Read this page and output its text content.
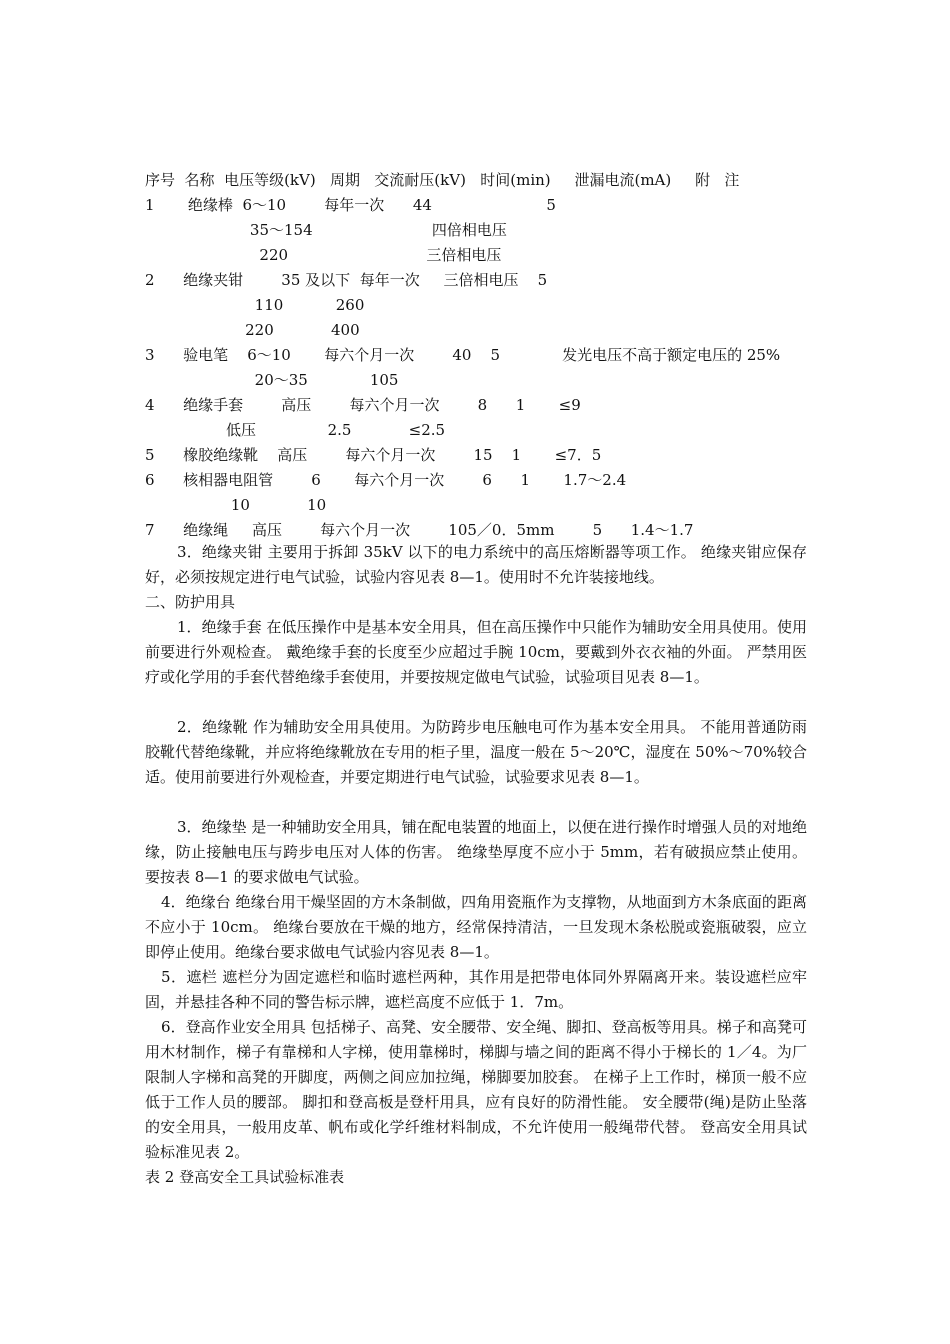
序号  名称  电压等级(kV)   周期   交流耐压(kV)   时间(min)     泄漏电流(mA)     附   注
1       绝缘棒  6～10        每年一次      44                        5
35～154                         四倍相电压
220                             三倍相电压
2      绝缘夹钳        35 及以下  每年一次     三倍相电压    5
110           260
220            400
3      验电笔    6～10       每六个月一次        40    5             发光电压不高于额定电压的 25%
20～35             105
4      绝缘手套        高压        每六个月一次        8      1       ≤9
低压               2.5            ≤2.5
5      橡胶绝缘靴    高压        每六个月一次        15    1       ≤7．5
6      核相器电阻管        6       每六个月一次        6      1       1.7～2.4
10            10
7      绝缘绳     高压        每六个月一次        105／0．5mm        5      1.4～1.7
3．绝缘夹钳 主要用于拆卸 35kV 以下的电力系统中的高压熔断器等项工作。 绝缘夹钳应保存好，必须按规定进行电气试验，试验内容见表 8—1。使用时不允许装接地线。
二、防护用具
1．绝缘手套 在低压操作中是基本安全用具，但在高压操作中只能作为辅助安全用具使用。使用前要进行外观检查。 戴绝缘手套的长度至少应超过手腕 10cm，要戴到外衣衣袖的外面。 严禁用医疗或化学用的手套代替绝缘手套使用，并要按规定做电气试验，试验项目见表 8—1。
2．绝缘靴 作为辅助安全用具使用。为防跨步电压触电可作为基本安全用具。 不能用普通防雨胶靴代替绝缘靴，并应将绝缘靴放在专用的柜子里，温度一般在 5～20℃，湿度在 50%～70%较合适。使用前要进行外观检查，并要定期进行电气试验，试验要求见表 8—1。
3．绝缘垫 是一种辅助安全用具，铺在配电装置的地面上，以便在进行操作时增强人员的对地绝缘，防止接触电压与跨步电压对人体的伤害。 绝缘垫厚度不应小于 5mm，若有破损应禁止使用。要按表 8—1 的要求做电气试验。
4．绝缘台 绝缘台用干燥坚固的方木条制做，四角用瓷瓶作为支撑物，从地面到方木条底面的距离不应小于 10cm。 绝缘台要放在干燥的地方，经常保持清洁，一旦发现木条松脱或瓷瓶破裂，应立即停止使用。绝缘台要求做电气试验内容见表 8—1。
5．遮栏 遮栏分为固定遮栏和临时遮栏两种，其作用是把带电体同外界隔离开来。装设遮栏应牢固，并悬挂各种不同的警告标示牌，遮栏高度不应低于 1．7m。
6．登高作业安全用具 包括梯子、高凳、安全腰带、安全绳、脚扣、登高板等用具。梯子和高凳可用木材制作，梯子有靠梯和人字梯，使用靠梯时，梯脚与墙之间的距离不得小于梯长的 1／4。为厂限制人字梯和高凳的开脚度，两侧之间应加拉绳，梯脚要加胶套。 在梯子上工作时，梯顶一般不应低于工作人员的腰部。 脚扣和登高板是登杆用具，应有良好的防滑性能。 安全腰带(绳)是防止坠落的安全用具，一般用皮革、帆布或化学纤维材料制成，不允许使用一般绳带代替。 登高安全用具试验标准见表 2。
表 2 登高安全工具试验标准表
